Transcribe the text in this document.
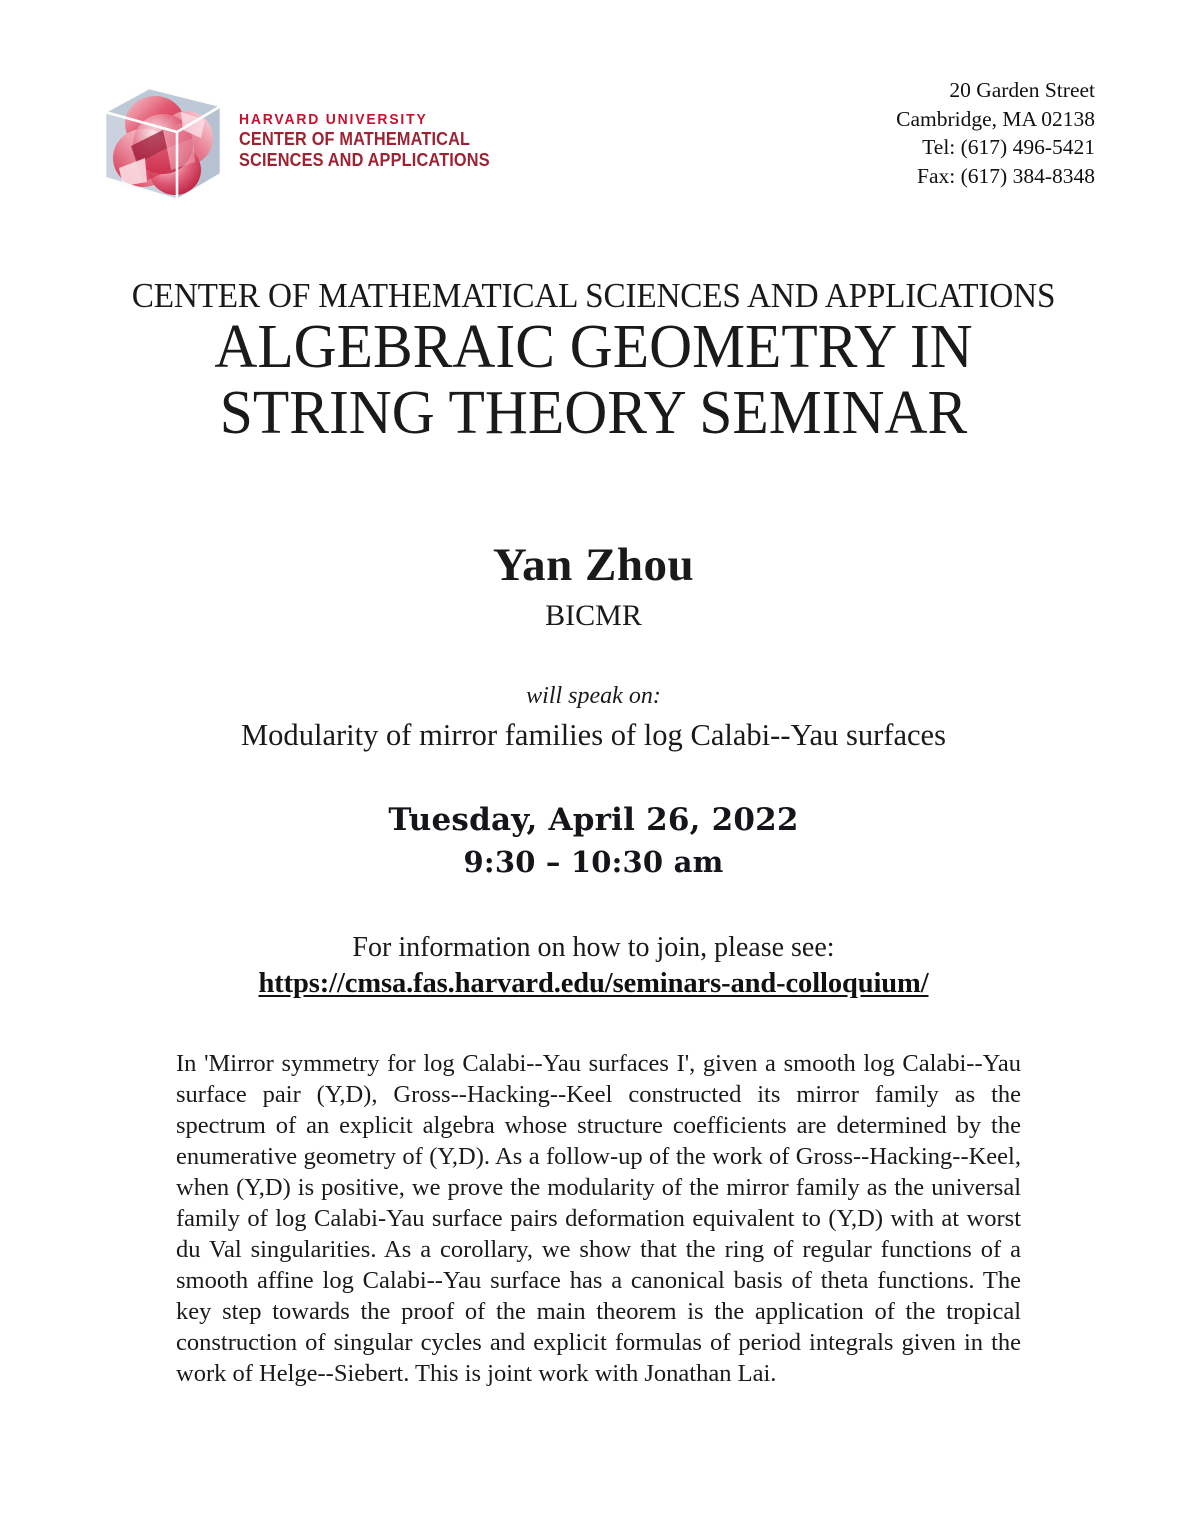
HARVARD UNIVERSITY
CENTER OF MATHEMATICAL
SCIENCES AND APPLICATIONS
20 Garden Street
Cambridge, MA 02138
Tel: (617) 496-5421
Fax: (617) 384-8348
CENTER OF MATHEMATICAL SCIENCES AND APPLICATIONS
ALGEBRAIC GEOMETRY IN
STRING THEORY SEMINAR
Yan Zhou
BICMR
will speak on:
Modularity of mirror families of log Calabi--Yau surfaces
Tuesday, April 26, 2022
9:30 – 10:30 am
For information on how to join, please see:
https://cmsa.fas.harvard.edu/seminars-and-colloquium/
In 'Mirror symmetry for log Calabi--Yau surfaces I', given a smooth log Calabi--Yau surface pair (Y,D), Gross--Hacking--Keel constructed its mirror family as the spectrum of an explicit algebra whose structure coefficients are determined by the enumerative geometry of (Y,D). As a follow-up of the work of Gross--Hacking--Keel, when (Y,D) is positive, we prove the modularity of the mirror family as the universal family of log Calabi-Yau surface pairs deformation equivalent to (Y,D) with at worst du Val singularities. As a corollary, we show that the ring of regular functions of a smooth affine log Calabi--Yau surface has a canonical basis of theta functions. The key step towards the proof of the main theorem is the application of the tropical construction of singular cycles and explicit formulas of period integrals given in the work of Helge--Siebert. This is joint work with Jonathan Lai.
